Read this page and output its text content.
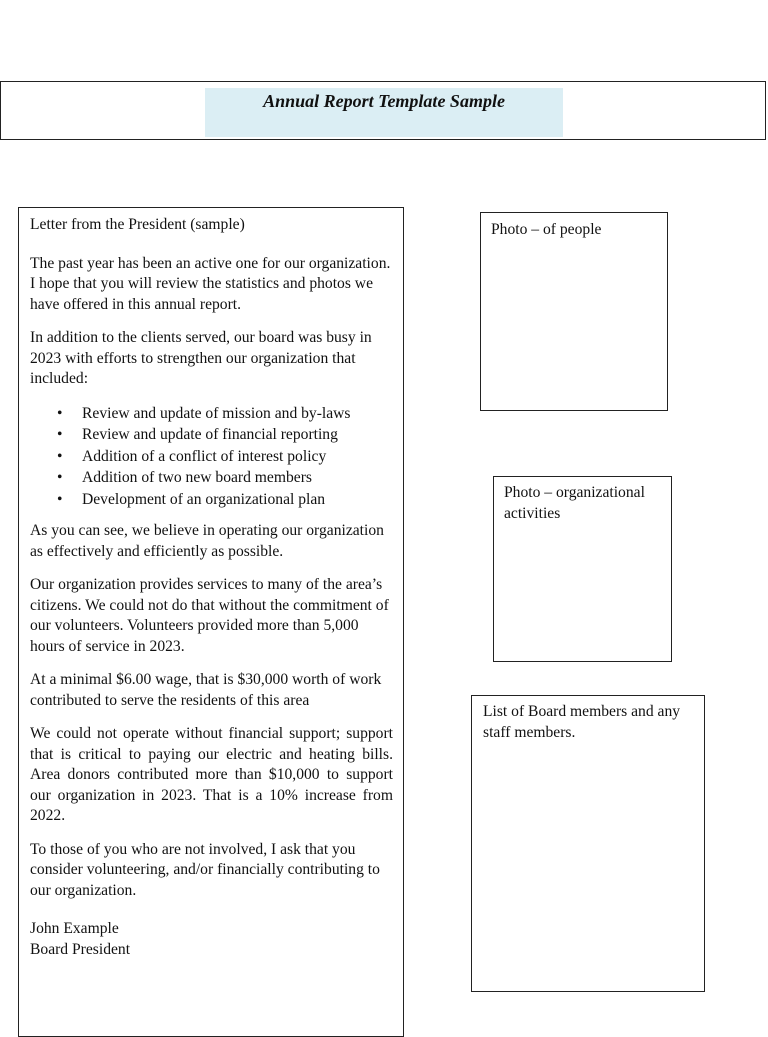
Annual Report Template Sample

Letter from the President (sample)

The past year has been an active one for our organization. I hope that you will review the statistics and photos we have offered in this annual report.

In addition to the clients served, our board was busy in 2023 with efforts to strengthen our organization that included:

• Review and update of mission and by-laws
• Review and update of financial reporting
• Addition of a conflict of interest policy
• Addition of two new board members
• Development of an organizational plan

As you can see, we believe in operating our organization as effectively and efficiently as possible.

Our organization provides services to many of the area’s citizens. We could not do that without the commitment of our volunteers. Volunteers provided more than 5,000 hours of service in 2023.

At a minimal $6.00 wage, that is $30,000 worth of work contributed to serve the residents of this area

We could not operate without financial support; support that is critical to paying our electric and heating bills. Area donors contributed more than $10,000 to support our organization in 2023. That is a 10% increase from 2022.

To those of you who are not involved, I ask that you consider volunteering, and/or financially contributing to our organization.

John Example
Board President
Photo – of people
Photo – organizational activities
List of Board members and any staff members.
